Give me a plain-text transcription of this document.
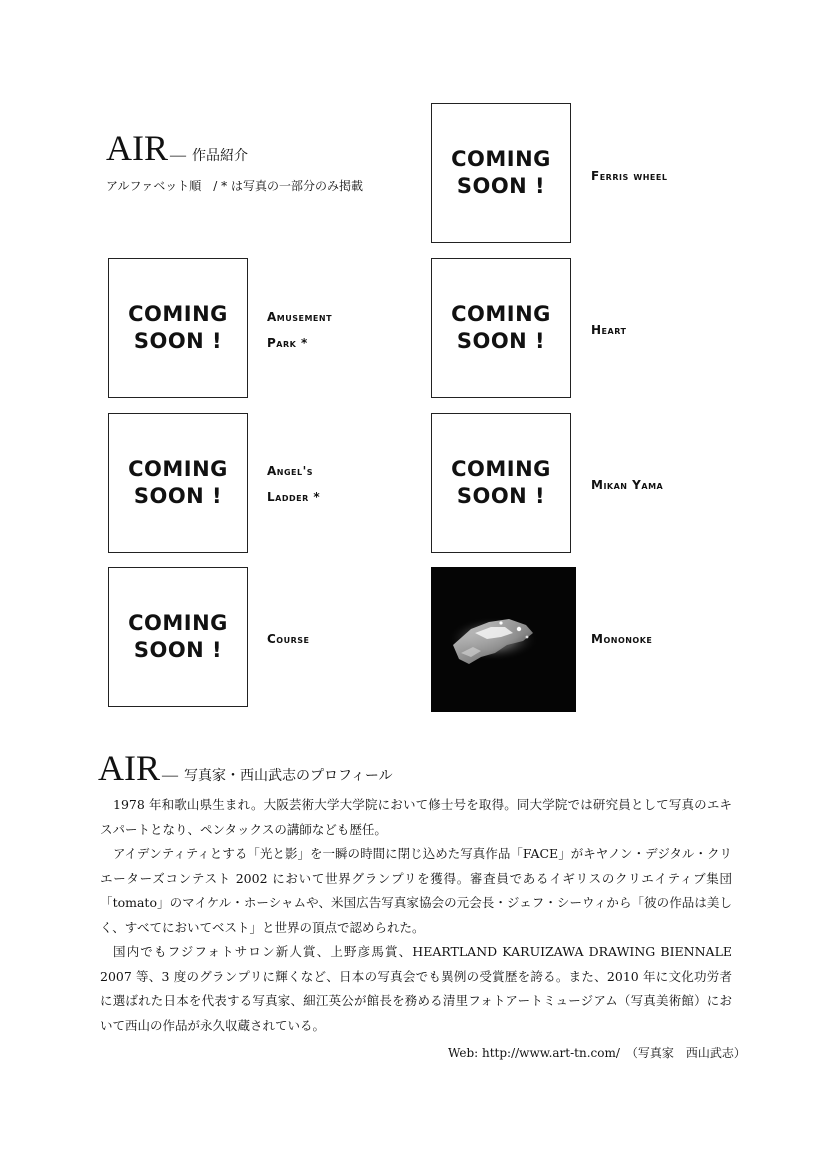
AIR — 作品紹介
アルファベット順　/ * は写真の一部分のみ掲載
COMING
SOON !	Ferris wheel
COMING
SOON !
Amusement
Park *
COMING
SOON !	Heart
COMING
SOON !
Angel's
Ladder *
COMING
SOON !	Mikan Yama
COMING
SOON !	Course	Mononoke
AIR — 写真家・西山武志のプロフィール
1978 年和歌山県生まれ。大阪芸術大学大学院において修士号を取得。同大学院では研究員として写真のエキスパートとなり、ペンタックスの講師なども歴任。
アイデンティティとする「光と影」を一瞬の時間に閉じ込めた写真作品「FACE」がキヤノン・デジタル・クリエーターズコンテスト 2002 において世界グランプリを獲得。審査員であるイギリスのクリエイティブ集団「tomato」のマイケル・ホーシャムや、米国広告写真家協会の元会長・ジェフ・シーウィから「彼の作品は美しく、すべてにおいてベスト」と世界の頂点で認められた。
国内でもフジフォトサロン新人賞、上野彦馬賞、HEARTLAND KARUIZAWA DRAWING BIENNALE 2007 等、3 度のグランプリに輝くなど、日本の写真会でも異例の受賞歴を誇る。また、2010 年に文化功労者に選ばれた日本を代表する写真家、細江英公が館長を務める清里フォトアートミュージアム（写真美術館）において西山の作品が永久収蔵されている。
Web: http://www.art-tn.com/　（写真家　西山武志）
